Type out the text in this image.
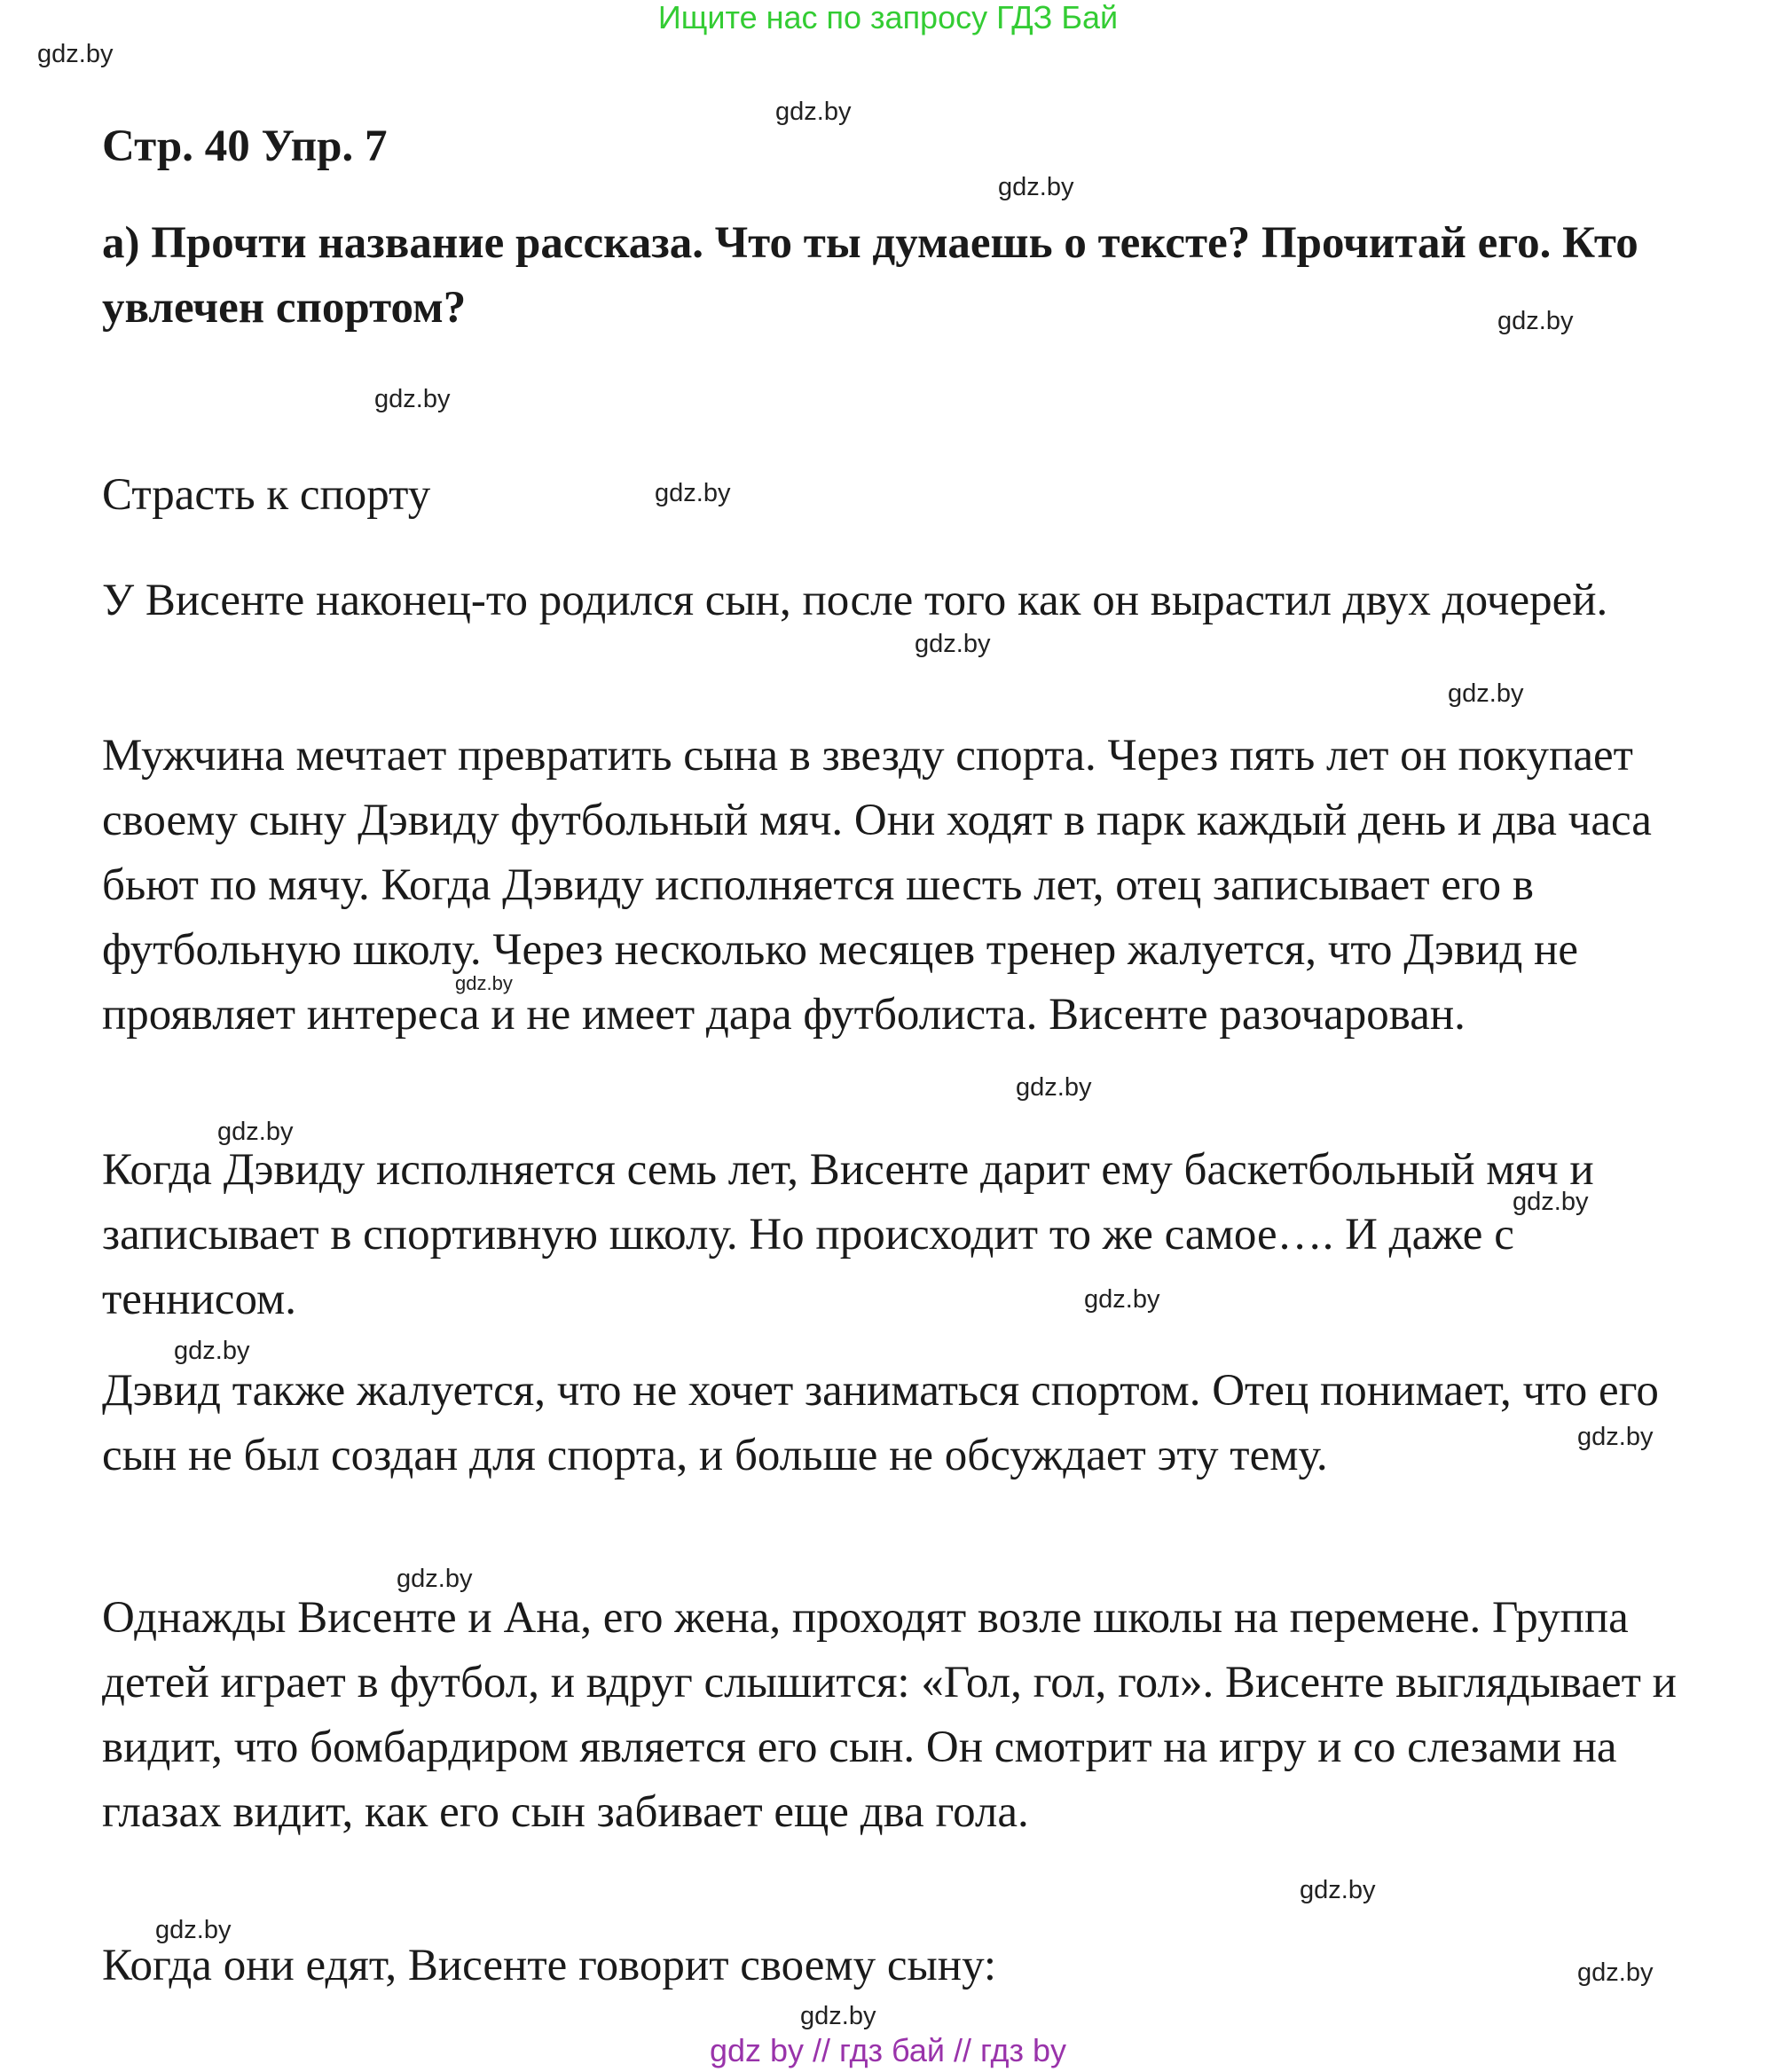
Ищите нас по запросу ГДЗ Бай
Стр. 40 Упр. 7

а) Прочти название рассказа. Что ты думаешь о тексте? Прочитай его. Кто увлечен спортом?

Страсть к спорту

У Висенте наконец-то родился сын, после того как он вырастил двух дочерей.

Мужчина мечтает превратить сына в звезду спорта. Через пять лет он покупает своему сыну Дэвиду футбольный мяч. Они ходят в парк каждый день и два часа бьют по мячу. Когда Дэвиду исполняется шесть лет, отец записывает его в футбольную школу. Через несколько месяцев тренер жалуется, что Дэвид не проявляет интереса и не имеет дара футболиста. Висенте разочарован.

Когда Дэвиду исполняется семь лет, Висенте дарит ему баскетбольный мяч и записывает в спортивную школу. Но происходит то же самое…. И даже с теннисом.

Дэвид также жалуется, что не хочет заниматься спортом. Отец понимает, что его сын не был создан для спорта, и больше не обсуждает эту тему.

Однажды Висенте и Ана, его жена, проходят возле школы на перемене. Группа детей играет в футбол, и вдруг слышится: «Гол, гол, гол». Висенте выглядывает и видит, что бомбардиром является его сын. Он смотрит на игру и со слезами на глазах видит, как его сын забивает еще два гола.

Когда они едят, Висенте говорит своему сыну:

gdz.by
gdz.by
gdz.by
gdz.by
gdz.by
gdz.by
gdz.by
gdz.by
gdz.by
gdz.by
gdz.by
gdz.by
gdz.by
gdz.by
gdz.by
gdz.by
gdz.by
gdz.by
gdz.by
gdz.by
gdz by // гдз бай // гдз by
